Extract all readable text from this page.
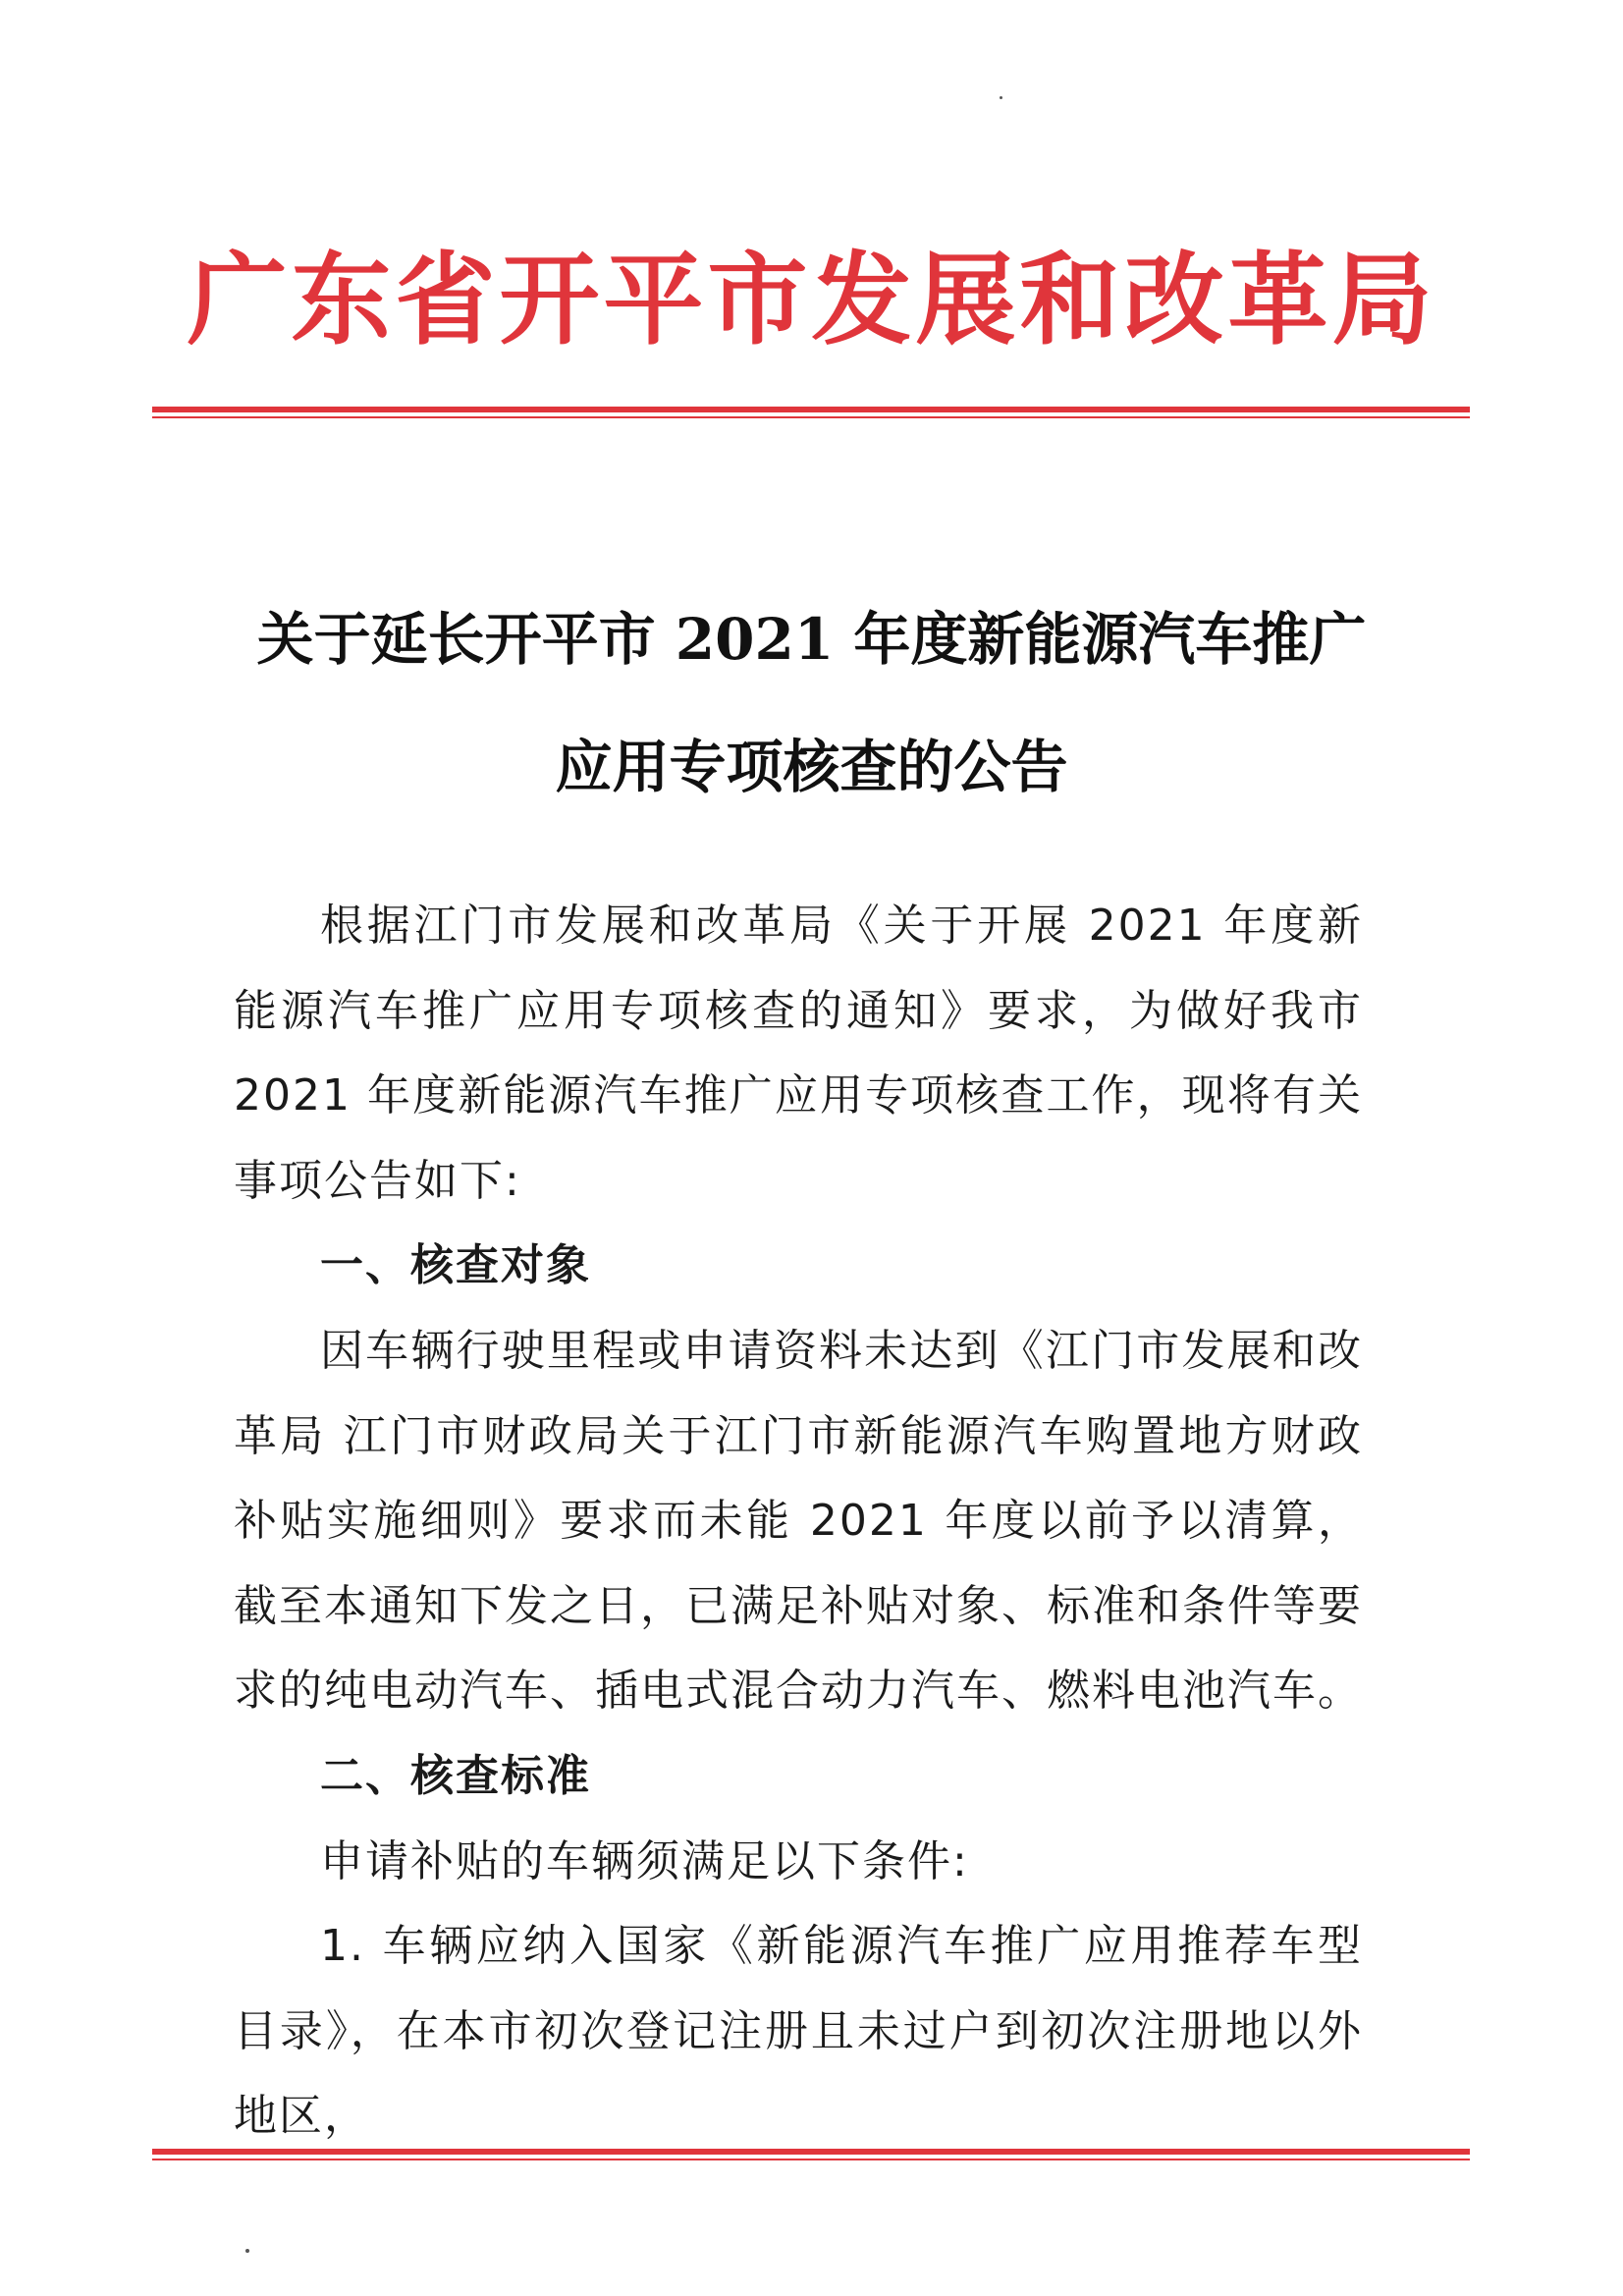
广东省开平市发展和改革局
关于延长开平市 2021 年度新能源汽车推广
应用专项核查的公告

根据江门市发展和改革局《关于开展 2021 年度新能源汽车推广应用专项核查的通知》要求，为做好我市 2021 年度新能源汽车推广应用专项核查工作，现将有关事项公告如下:

一、核查对象

因车辆行驶里程或申请资料未达到《江门市发展和改革局 江门市财政局关于江门市新能源汽车购置地方财政补贴实施细则》要求而未能 2021 年度以前予以清算，截至本通知下发之日，已满足补贴对象、标准和条件等要求的纯电动汽车、插电式混合动力汽车、燃料电池汽车。

二、核查标准

申请补贴的车辆须满足以下条件:

1. 车辆应纳入国家《新能源汽车推广应用推荐车型目录》，在本市初次登记注册且未过户到初次注册地以外地区，
